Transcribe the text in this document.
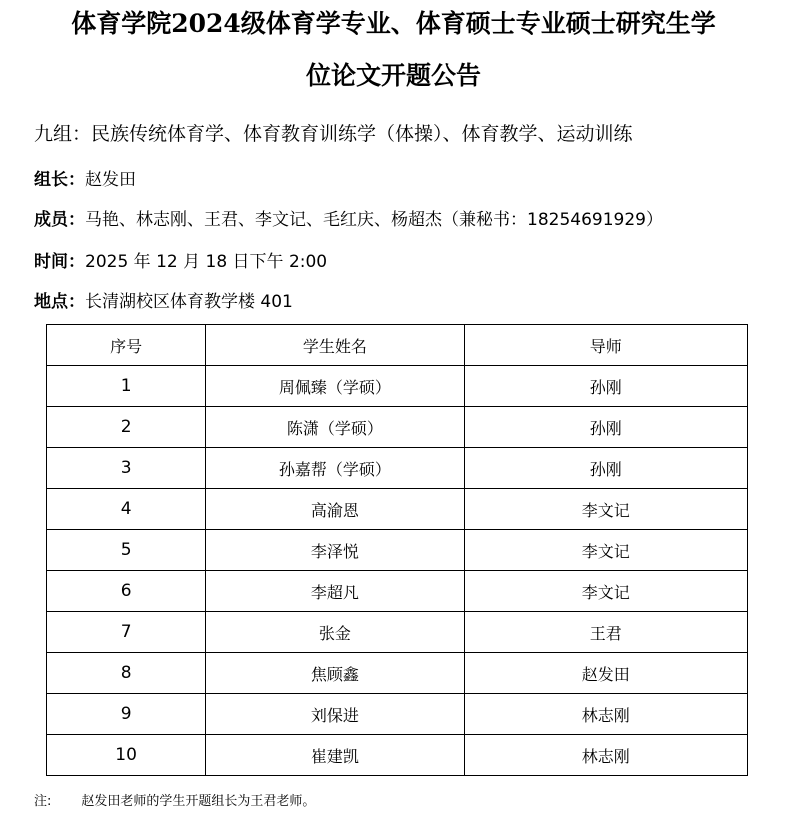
体育学院2024级体育学专业、体育硕士专业硕士研究生学
位论文开题公告
九组：民族传统体育学、体育教育训练学（体操）、体育教学、运动训练
组长：赵发田
成员：马艳、林志刚、王君、李文记、毛红庆、杨超杰（兼秘书：18254691929）
时间：2025 年 12 月 18 日下午 2:00
地点：长清湖校区体育教学楼 401
序号	学生姓名	导师
1	周佩臻（学硕）	孙刚
2	陈潇（学硕）	孙刚
3	孙嘉帮（学硕）	孙刚
4	高渝恩	李文记
5	李泽悦	李文记
6	李超凡	李文记
7	张金	王君
8	焦顾鑫	赵发田
9	刘保进	林志刚
10	崔建凯	林志刚
注: 赵发田老师的学生开题组长为王君老师。
